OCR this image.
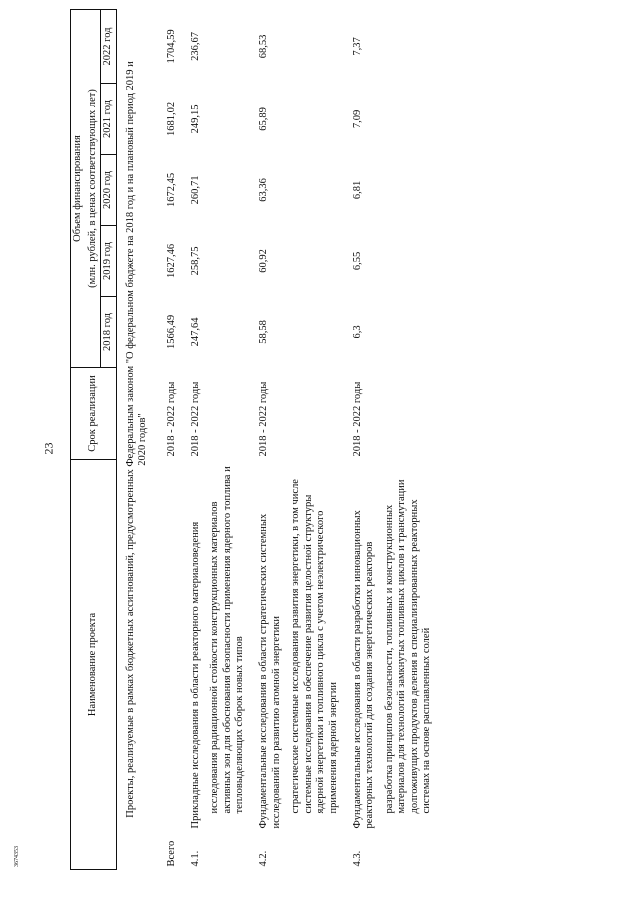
23
3674353
Наименование проекта		Срок реализации	Объем финансирования				
			(млн. рублей, в ценах соответствующих лет)				
			2018 год	2019 год	2020 год	2021 год	2022 год
Проекты, реализуемые в рамках бюджетных ассигнований, предусмотренных Федеральным законом "О федеральном бюджете на 2018 год и на плановый период 2019 и 2020 годов"							
Всего		2018 - 2022 годы	1566,49	1627,46	1672,45	1681,02	1704,59
4.1.	Прикладные исследования в области реакторного материаловедения	2018 - 2022 годы	247,64	258,75	260,71	249,15	236,67
	исследования радиационной стойкости конструкционных материалов активных зон для обоснования безопасности применения ядерного топлива и тепловыделяющих сборок новых типов						
4.2.	Фундаментальные исследования в области стратегических системных исследований по развитию атомной энергетики	2018 - 2022 годы	58,58	60,92	63,36	65,89	68,53
	стратегические системные исследования развития энергетики, в том числе системные исследования в обеспечение развития целостной структуры ядерной энергетики и топливного цикла с учетом неэлектрического применения ядерной энергии						
4.3.	Фундаментальные исследования в области разработки инновационных реакторных технологий для создания энергетических реакторов	2018 - 2022 годы	6,3	6,55	6,81	7,09	7,37
	разработка принципов безопасности, топливных и конструкционных материалов для технологий замкнутых топливных циклов и трансмутации долгоживущих продуктов деления в специализированных реакторных системах на основе расплавленных солей						
